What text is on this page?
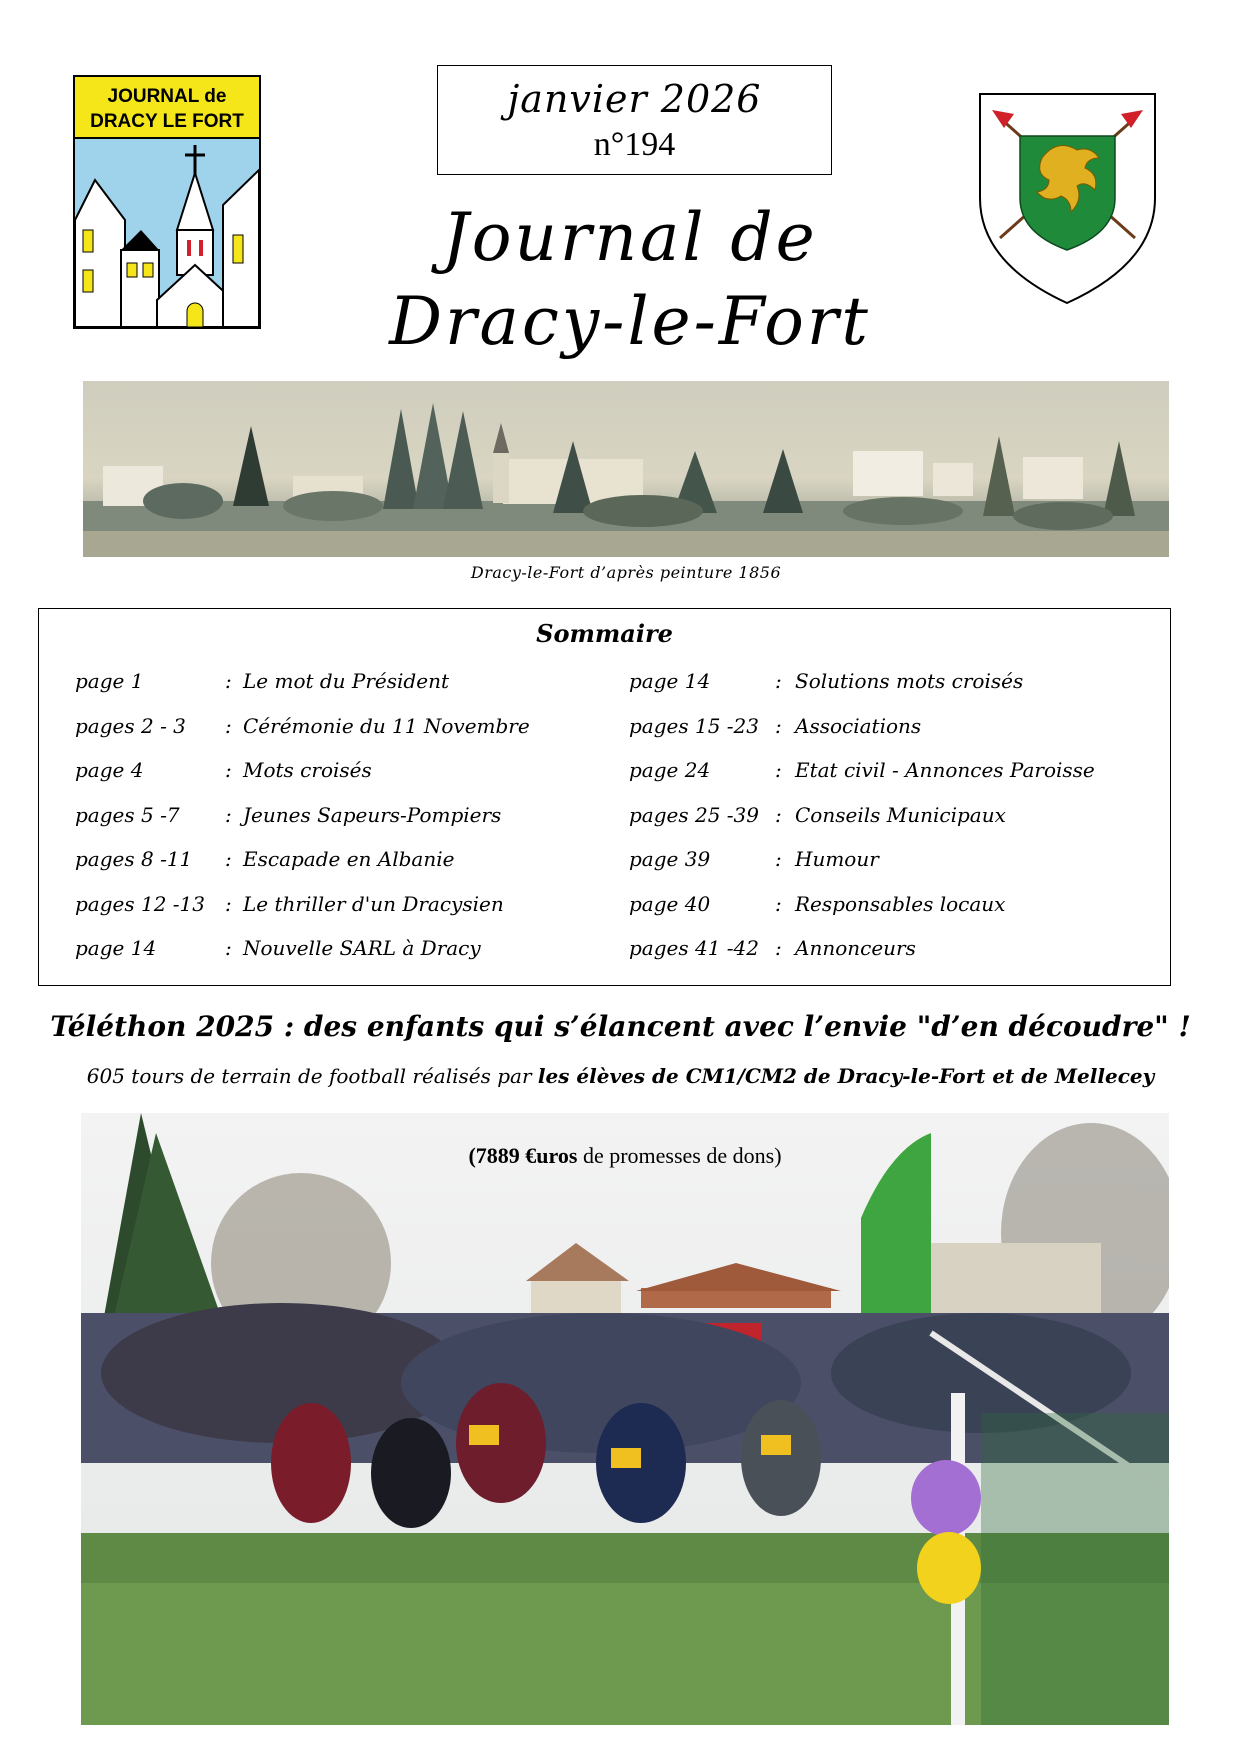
JOURNAL de
DRACY LE FORT
janvier 2026
n°194
Journal de
Dracy-le-Fort
Dracy-le-Fort d’après peinture 1856
Sommaire
page 1	: Le mot du Président
pages 2 - 3 : Cérémonie du 11 Novembre
page 4	: Mots croisés
pages 5 -7 : Jeunes Sapeurs-Pompiers
pages 8 -11 : Escapade en Albanie
pages 12 -13 : Le thriller d'un Dracysien
page 14	: Nouvelle SARL à Dracy
page 14	: Solutions mots croisés
pages 15 -23 : Associations
page 24	: Etat civil - Annonces Paroisse
pages 25 -39 : Conseils Municipaux
page 39	: Humour
page 40	: Responsables locaux
pages 41 -42 : Annonceurs
Téléthon 2025 : des enfants qui s’élancent avec l’envie "d’en découdre" !
605 tours de terrain de football réalisés par les élèves de CM1/CM2 de Dracy-le-Fort et de Mellecey
(7889 €uros de promesses de dons)
